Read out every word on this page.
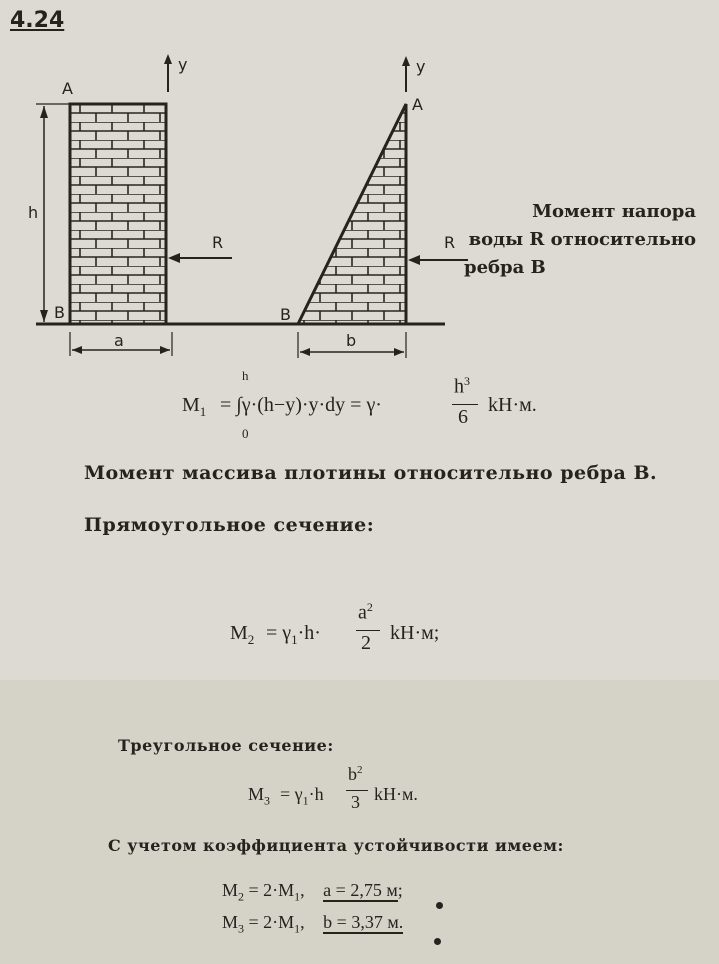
4.24
h
A
B
y
R
a
A
B
y
R
b
Момент напора
воды R относительно
ребра В
$M_1$
h
0
= ∫γ·(h−y)·y·dy = γ·
$h^3$
6
kH·м.
Момент массива плотины относительно ребра В.
Прямоугольное сечение:
$M_2 = \gamma_1\cdot h\cdot$
$a^2$
2 kH·м;
Треугольное сечение:
$M_3 = \gamma_1\cdot h$
$b^2$
3 kH·м.
С учетом коэффициента устойчивости имеем:
$M_2 = 2\cdot M_1$, a = 2,75 м;
$M_3 = 2\cdot M_1$, b = 3,37 м.
